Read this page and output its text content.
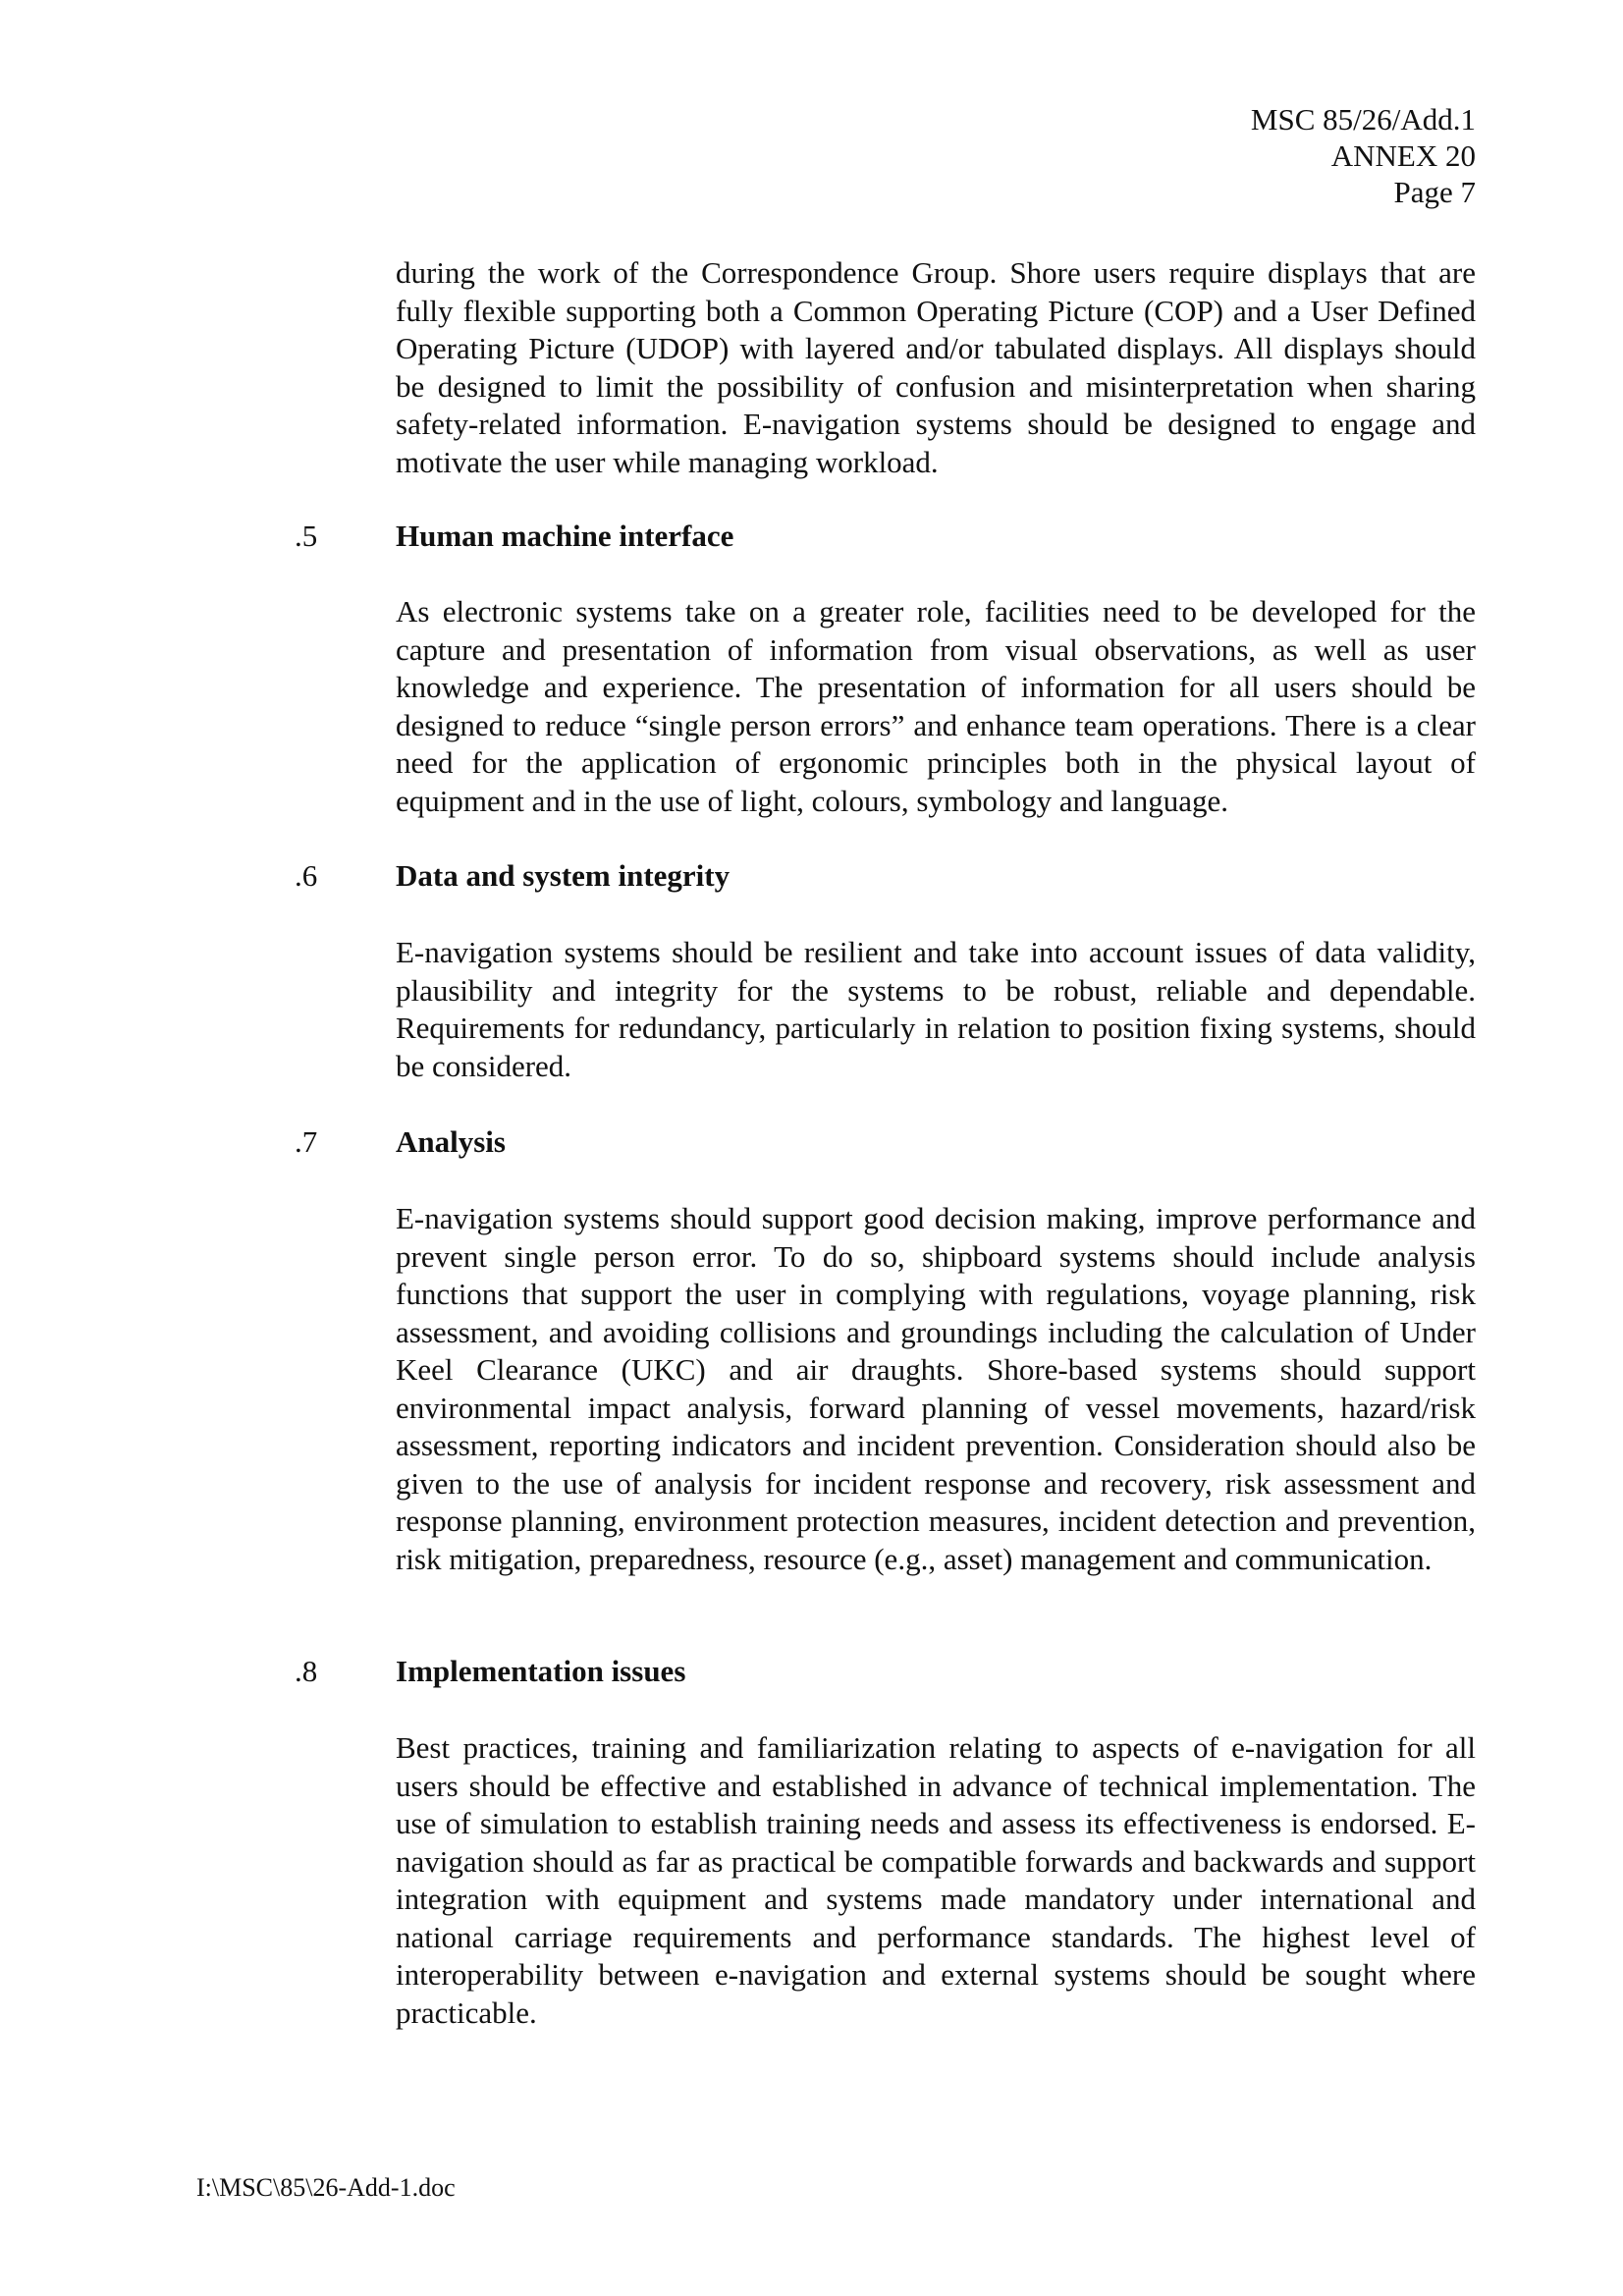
MSC 85/26/Add.1
ANNEX 20
Page 7

during the work of the Correspondence Group. Shore users require displays that are fully flexible supporting both a Common Operating Picture (COP) and a User Defined Operating Picture (UDOP) with layered and/or tabulated displays. All displays should be designed to limit the possibility of confusion and misinterpretation when sharing safety-related information. E-navigation systems should be designed to engage and motivate the user while managing workload.

.5	Human machine interface

As electronic systems take on a greater role, facilities need to be developed for the capture and presentation of information from visual observations, as well as user knowledge and experience. The presentation of information for all users should be designed to reduce “single person errors” and enhance team operations. There is a clear need for the application of ergonomic principles both in the physical layout of equipment and in the use of light, colours, symbology and language.

.6	Data and system integrity

E-navigation systems should be resilient and take into account issues of data validity, plausibility and integrity for the systems to be robust, reliable and dependable. Requirements for redundancy, particularly in relation to position fixing systems, should be considered.

.7	Analysis

E-navigation systems should support good decision making, improve performance and prevent single person error. To do so, shipboard systems should include analysis functions that support the user in complying with regulations, voyage planning, risk assessment, and avoiding collisions and groundings including the calculation of Under Keel Clearance (UKC) and air draughts. Shore-based systems should support environmental impact analysis, forward planning of vessel movements, hazard/risk assessment, reporting indicators and incident prevention. Consideration should also be given to the use of analysis for incident response and recovery, risk assessment and response planning, environment protection measures, incident detection and prevention, risk mitigation, preparedness, resource (e.g., asset) management and communication.

.8	Implementation issues

Best practices, training and familiarization relating to aspects of e-navigation for all users should be effective and established in advance of technical implementation. The use of simulation to establish training needs and assess its effectiveness is endorsed. E-navigation should as far as practical be compatible forwards and backwards and support integration with equipment and systems made mandatory under international and national carriage requirements and performance standards. The highest level of interoperability between e-navigation and external systems should be sought where practicable.

I:\MSC\85\26-Add-1.doc
